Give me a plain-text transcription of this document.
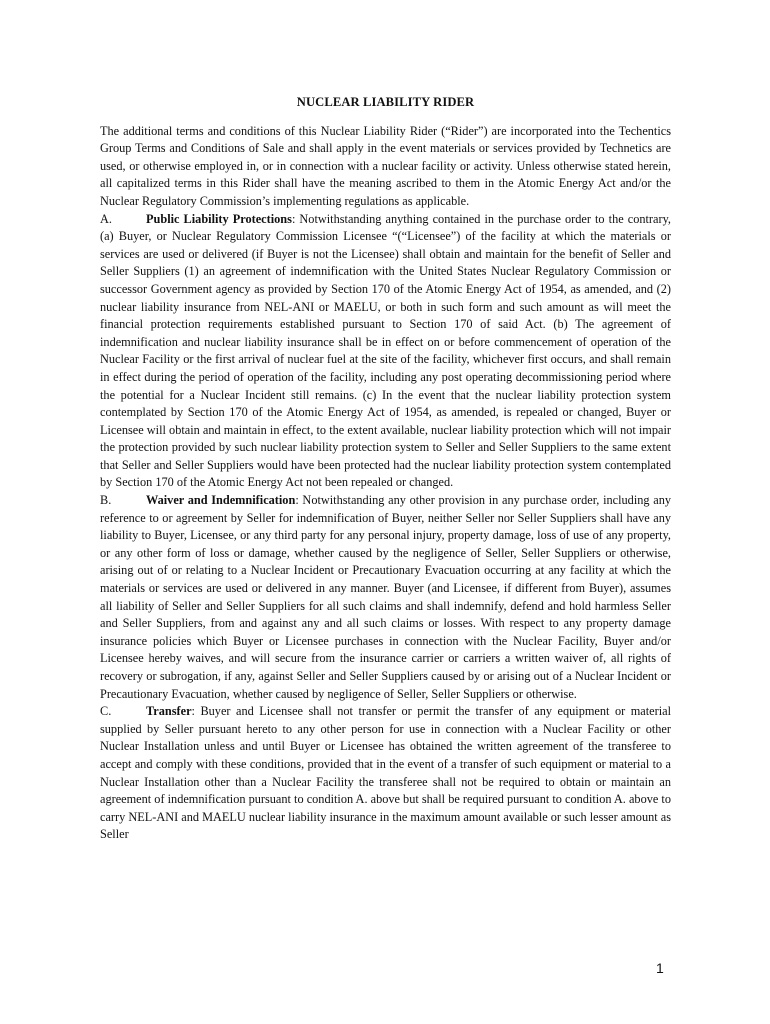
NUCLEAR LIABILITY RIDER

The additional terms and conditions of this Nuclear Liability Rider (“Rider”) are incorporated into the Techentics Group Terms and Conditions of Sale and shall apply in the event materials or services provided by Technetics are used, or otherwise employed in, or in connection with a nuclear facility or activity. Unless otherwise stated herein, all capitalized terms in this Rider shall have the meaning ascribed to them in the Atomic Energy Act and/or the Nuclear Regulatory Commission’s implementing regulations as applicable.

A.	Public Liability Protections: Notwithstanding anything contained in the purchase order to the contrary, (a) Buyer, or Nuclear Regulatory Commission Licensee “(“Licensee”) of the facility at which the materials or services are used or delivered (if Buyer is not the Licensee) shall obtain and maintain for the benefit of Seller and Seller Suppliers (1) an agreement of indemnification with the United States Nuclear Regulatory Commission or successor Government agency as provided by Section 170 of the Atomic Energy Act of 1954, as amended, and (2) nuclear liability insurance from NEL-ANI or MAELU, or both in such form and such amount as will meet the financial protection requirements established pursuant to Section 170 of said Act. (b) The agreement of indemnification and nuclear liability insurance shall be in effect on or before commencement of operation of the Nuclear Facility or the first arrival of nuclear fuel at the site of the facility, whichever first occurs, and shall remain in effect during the period of operation of the facility, including any post operating decommissioning period where the potential for a Nuclear Incident still remains. (c) In the event that the nuclear liability protection system contemplated by Section 170 of the Atomic Energy Act of 1954, as amended, is repealed or changed, Buyer or Licensee will obtain and maintain in effect, to the extent available, nuclear liability protection which will not impair the protection provided by such nuclear liability protection system to Seller and Seller Suppliers to the same extent that Seller and Seller Suppliers would have been protected had the nuclear liability protection system contemplated by Section 170 of the Atomic Energy Act not been repealed or changed.

B.	Waiver and Indemnification: Notwithstanding any other provision in any purchase order, including any reference to or agreement by Seller for indemnification of Buyer, neither Seller nor Seller Suppliers shall have any liability to Buyer, Licensee, or any third party for any personal injury, property damage, loss of use of any property, or any other form of loss or damage, whether caused by the negligence of Seller, Seller Suppliers or otherwise, arising out of or relating to a Nuclear Incident or Precautionary Evacuation occurring at any facility at which the materials or services are used or delivered in any manner. Buyer (and Licensee, if different from Buyer), assumes all liability of Seller and Seller Suppliers for all such claims and shall indemnify, defend and hold harmless Seller and Seller Suppliers, from and against any and all such claims or losses. With respect to any property damage insurance policies which Buyer or Licensee purchases in connection with the Nuclear Facility, Buyer and/or Licensee hereby waives, and will secure from the insurance carrier or carriers a written waiver of, all rights of recovery or subrogation, if any, against Seller and Seller Suppliers caused by or arising out of a Nuclear Incident or Precautionary Evacuation, whether caused by negligence of Seller, Seller Suppliers or otherwise.

C.	Transfer: Buyer and Licensee shall not transfer or permit the transfer of any equipment or material supplied by Seller pursuant hereto to any other person for use in connection with a Nuclear Facility or other Nuclear Installation unless and until Buyer or Licensee has obtained the written agreement of the transferee to accept and comply with these conditions, provided that in the event of a transfer of such equipment or material to a Nuclear Installation other than a Nuclear Facility the transferee shall not be required to obtain or maintain an agreement of indemnification pursuant to condition A. above but shall be required pursuant to condition A. above to carry NEL-ANI and MAELU nuclear liability insurance in the maximum amount available or such lesser amount as Seller

1
